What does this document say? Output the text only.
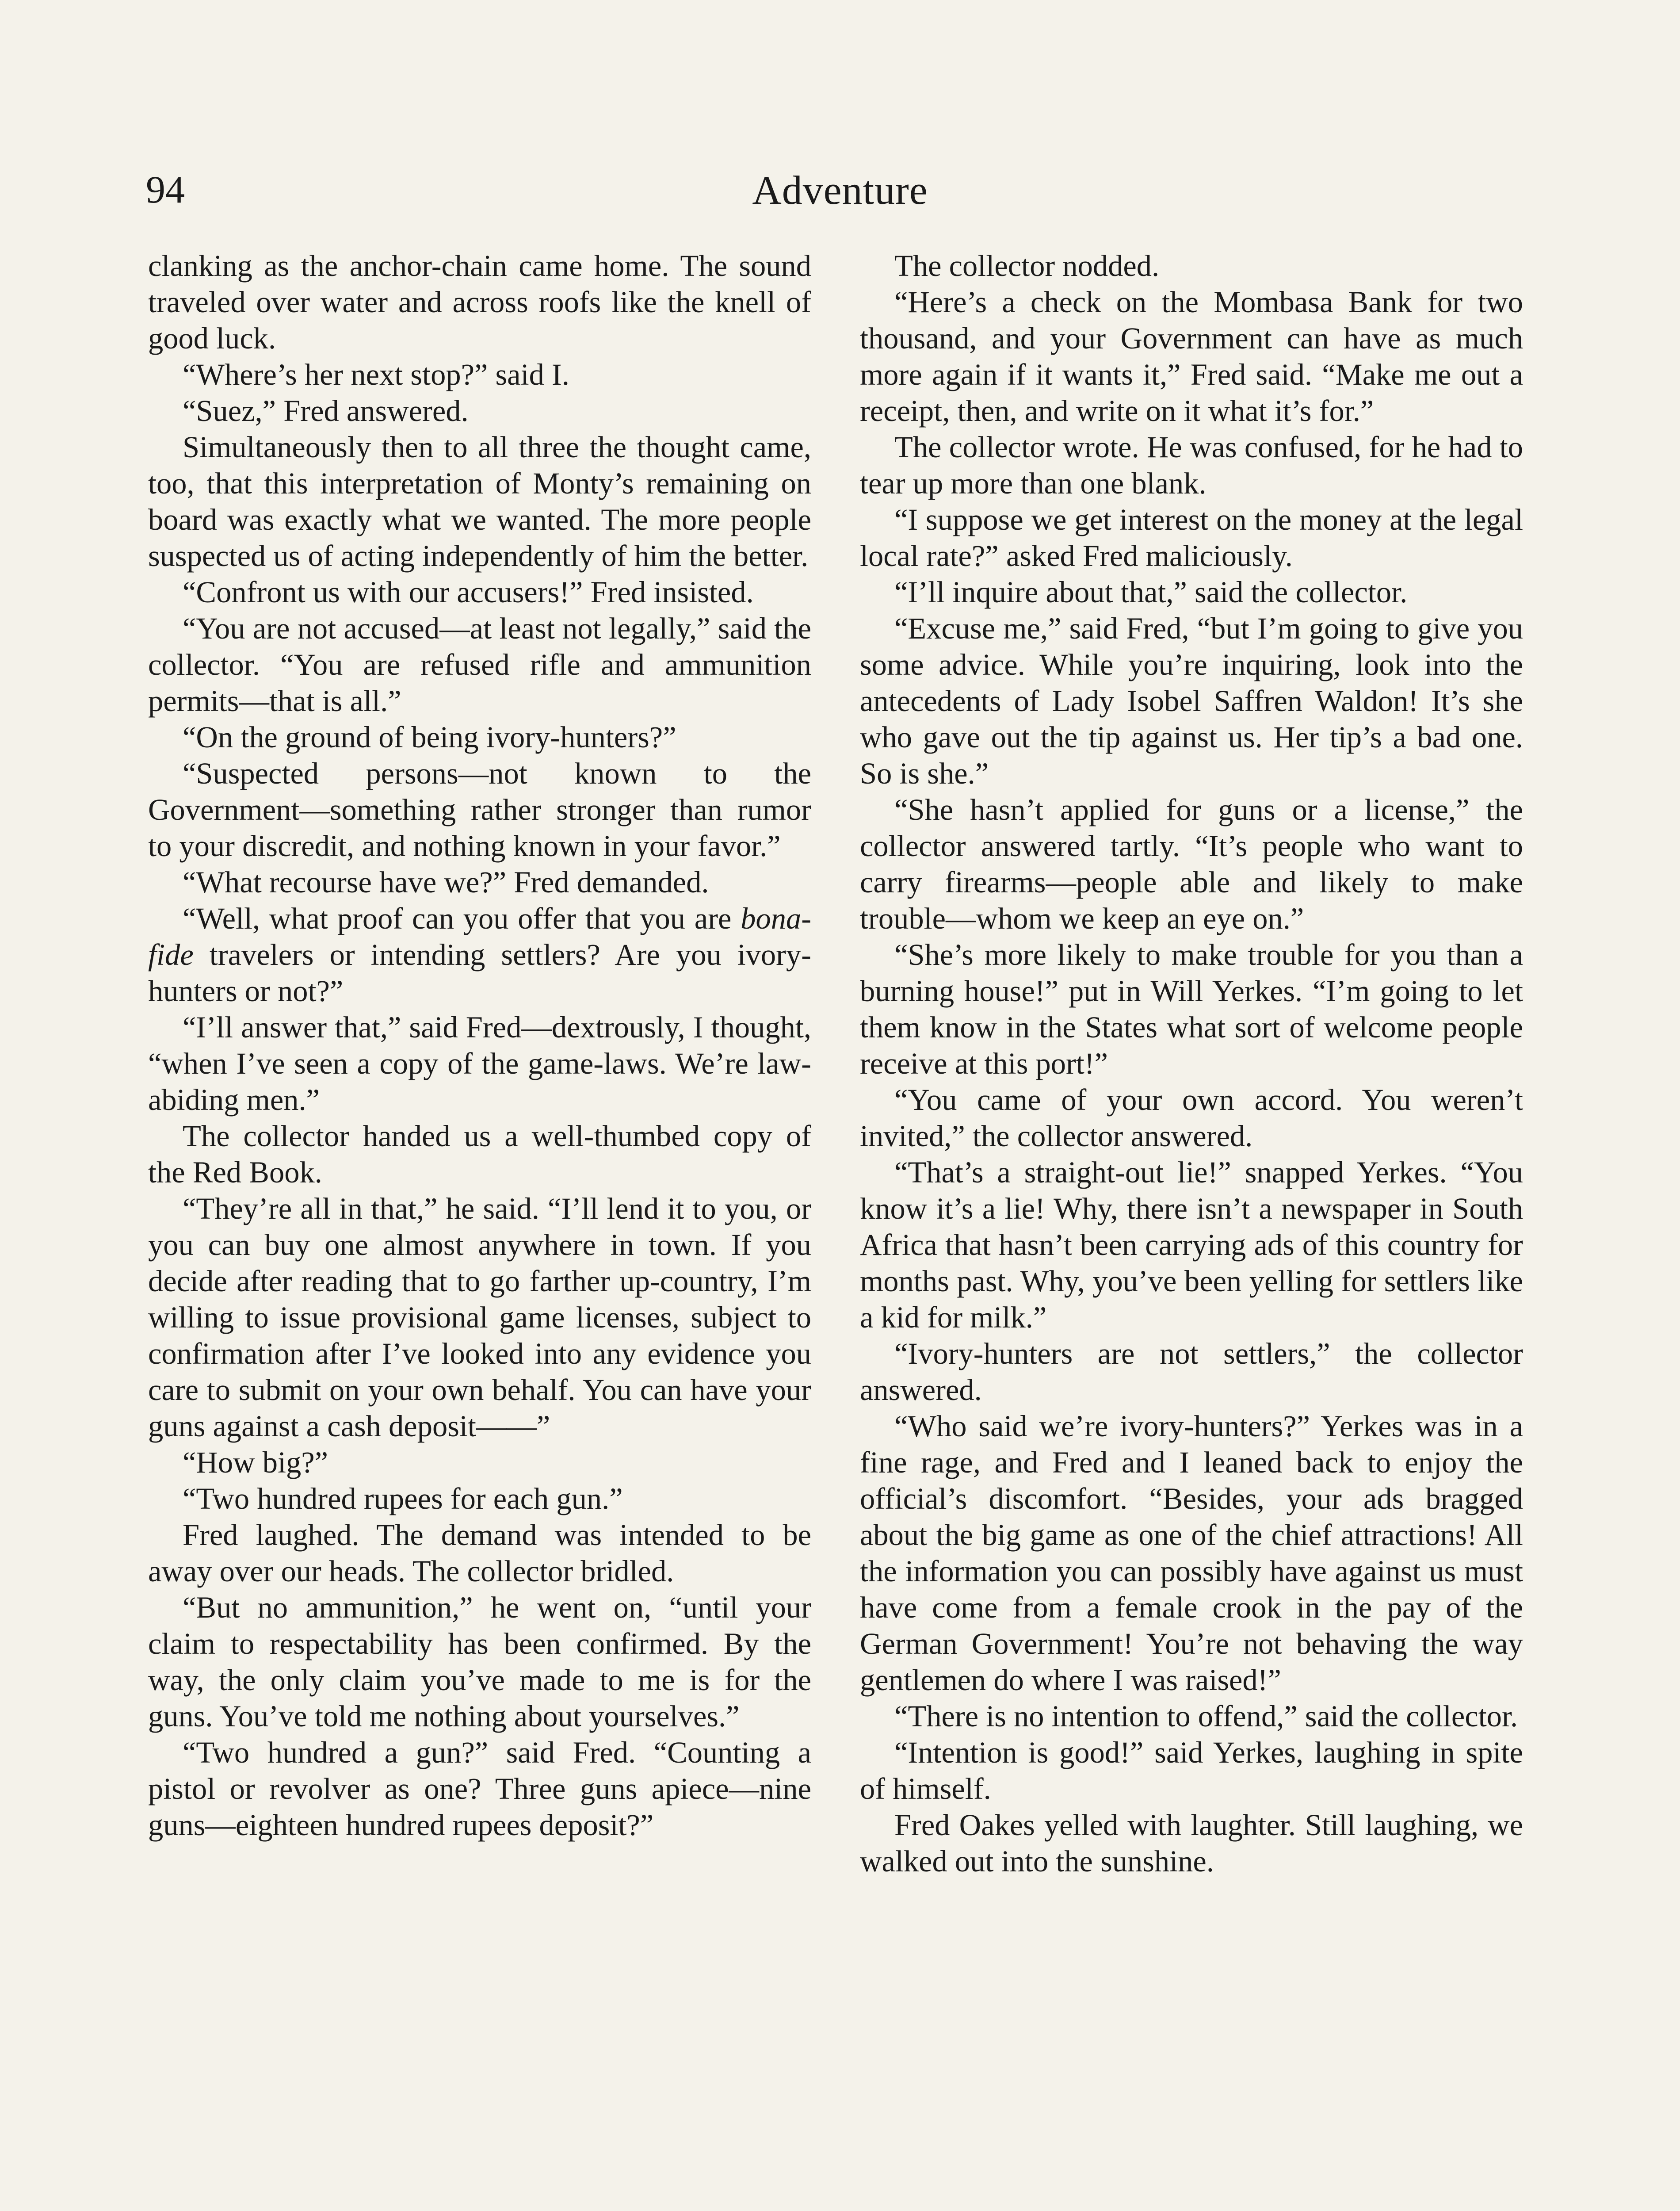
94	Adventure

clanking as the anchor-chain came home. The sound traveled over water and across roofs like the knell of good luck.

“Where’s her next stop?” said I.

“Suez,” Fred answered.

Simultaneously then to all three the thought came, too, that this interpretation of Monty’s remaining on board was exactly what we wanted. The more people suspected us of acting independently of him the better.

“Confront us with our accusers!” Fred insisted.

“You are not accused—at least not legally,” said the collector. “You are refused rifle and ammunition permits—that is all.”

“On the ground of being ivory-hunters?”

“Suspected persons—not known to the Government—something rather stronger than rumor to your discredit, and nothing known in your favor.”

“What recourse have we?” Fred demanded.

“Well, what proof can you offer that you are bona-fide travelers or intending settlers? Are you ivory-hunters or not?”

“I’ll answer that,” said Fred—dextrously, I thought, “when I’ve seen a copy of the game-laws. We’re law-abiding men.”

The collector handed us a well-thumbed copy of the Red Book.

“They’re all in that,” he said. “I’ll lend it to you, or you can buy one almost anywhere in town. If you decide after reading that to go farther up-country, I’m willing to issue provisional game licenses, subject to confirmation after I’ve looked into any evidence you care to submit on your own behalf. You can have your guns against a cash deposit——”

“How big?”

“Two hundred rupees for each gun.”

Fred laughed. The demand was intended to be away over our heads. The collector bridled.

“But no ammunition,” he went on, “until your claim to respectability has been confirmed. By the way, the only claim you’ve made to me is for the guns. You’ve told me nothing about yourselves.”

“Two hundred a gun?” said Fred. “Counting a pistol or revolver as one? Three guns apiece—nine guns—eighteen hundred rupees deposit?”

The collector nodded.

“Here’s a check on the Mombasa Bank for two thousand, and your Government can have as much more again if it wants it,” Fred said. “Make me out a receipt, then, and write on it what it’s for.”

The collector wrote. He was confused, for he had to tear up more than one blank.

“I suppose we get interest on the money at the legal local rate?” asked Fred maliciously.

“I’ll inquire about that,” said the collector.

“Excuse me,” said Fred, “but I’m going to give you some advice. While you’re inquiring, look into the antecedents of Lady Isobel Saffren Waldon! It’s she who gave out the tip against us. Her tip’s a bad one. So is she.”

“She hasn’t applied for guns or a license,” the collector answered tartly. “It’s people who want to carry firearms—people able and likely to make trouble—whom we keep an eye on.”

“She’s more likely to make trouble for you than a burning house!” put in Will Yerkes. “I’m going to let them know in the States what sort of welcome people receive at this port!”

“You came of your own accord. You weren’t invited,” the collector answered.

“That’s a straight-out lie!” snapped Yerkes. “You know it’s a lie! Why, there isn’t a newspaper in South Africa that hasn’t been carrying ads of this country for months past. Why, you’ve been yelling for settlers like a kid for milk.”

“Ivory-hunters are not settlers,” the collector answered.

“Who said we’re ivory-hunters?” Yerkes was in a fine rage, and Fred and I leaned back to enjoy the official’s discomfort. “Besides, your ads bragged about the big game as one of the chief attractions! All the information you can possibly have against us must have come from a female crook in the pay of the German Government! You’re not behaving the way gentlemen do where I was raised!”

“There is no intention to offend,” said the collector.

“Intention is good!” said Yerkes, laughing in spite of himself.

Fred Oakes yelled with laughter. Still laughing, we walked out into the sunshine.
